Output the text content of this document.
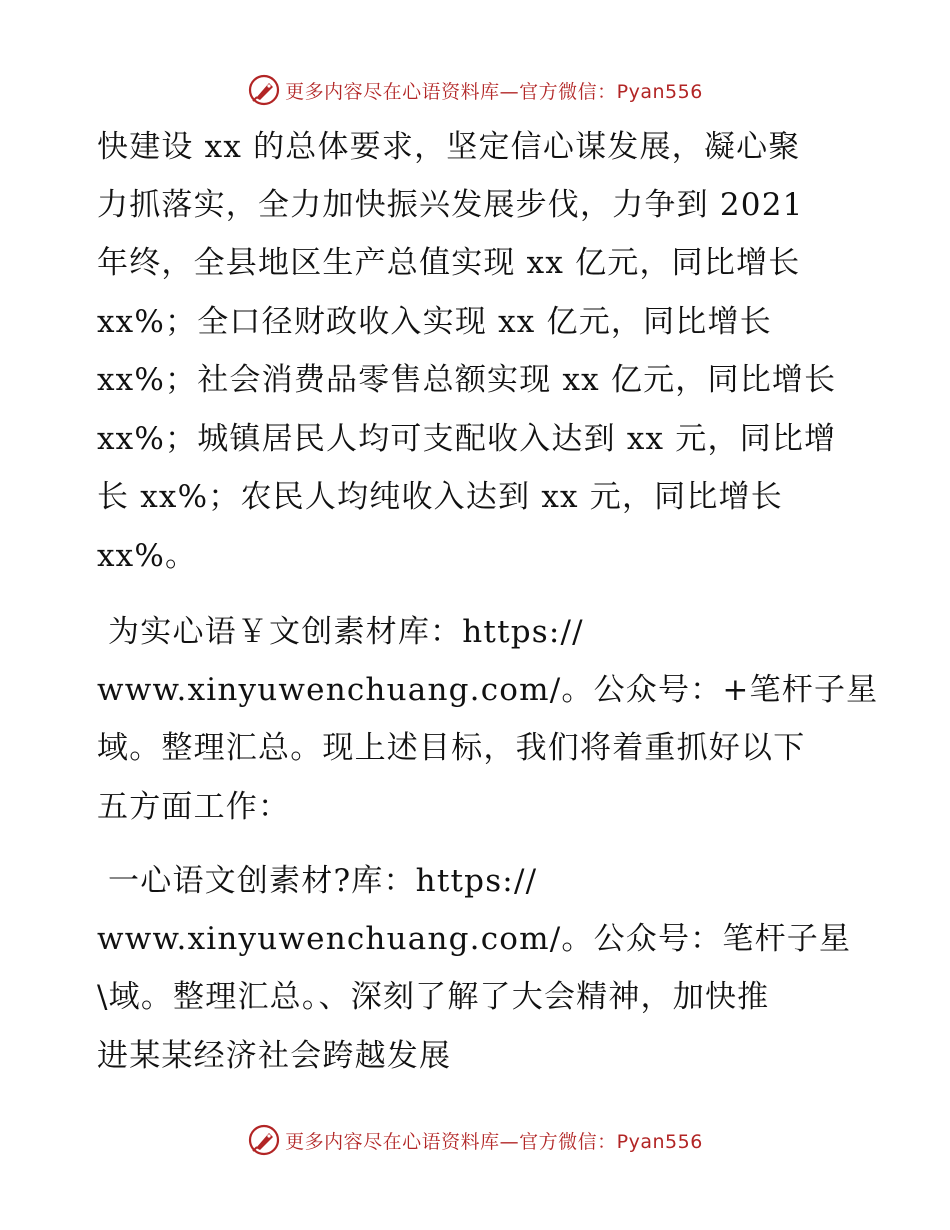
更多内容尽在心语资料库—官方微信：Pyan556
快建设 xx 的总体要求，坚定信心谋发展，凝心聚
力抓落实，全力加快振兴发展步伐，力争到 2021
年终，全县地区生产总值实现 xx 亿元，同比增长
xx%；全口径财政收入实现 xx 亿元，同比增长
xx%；社会消费品零售总额实现 xx 亿元，同比增长
xx%；城镇居民人均可支配收入达到 xx 元，同比增
长 xx%；农民人均纯收入达到 xx 元，同比增长
xx%。
为实心语￥文创素材库：https://
www.xinyuwenchuang.com/。公众号：+笔杆子星
域。整理汇总。现上述目标，我们将着重抓好以下
五方面工作：
一心语文创素材?库：https://
www.xinyuwenchuang.com/。公众号：笔杆子星
\域。整理汇总。、深刻了解了大会精神，加快推
进某某经济社会跨越发展
更多内容尽在心语资料库—官方微信：Pyan556
